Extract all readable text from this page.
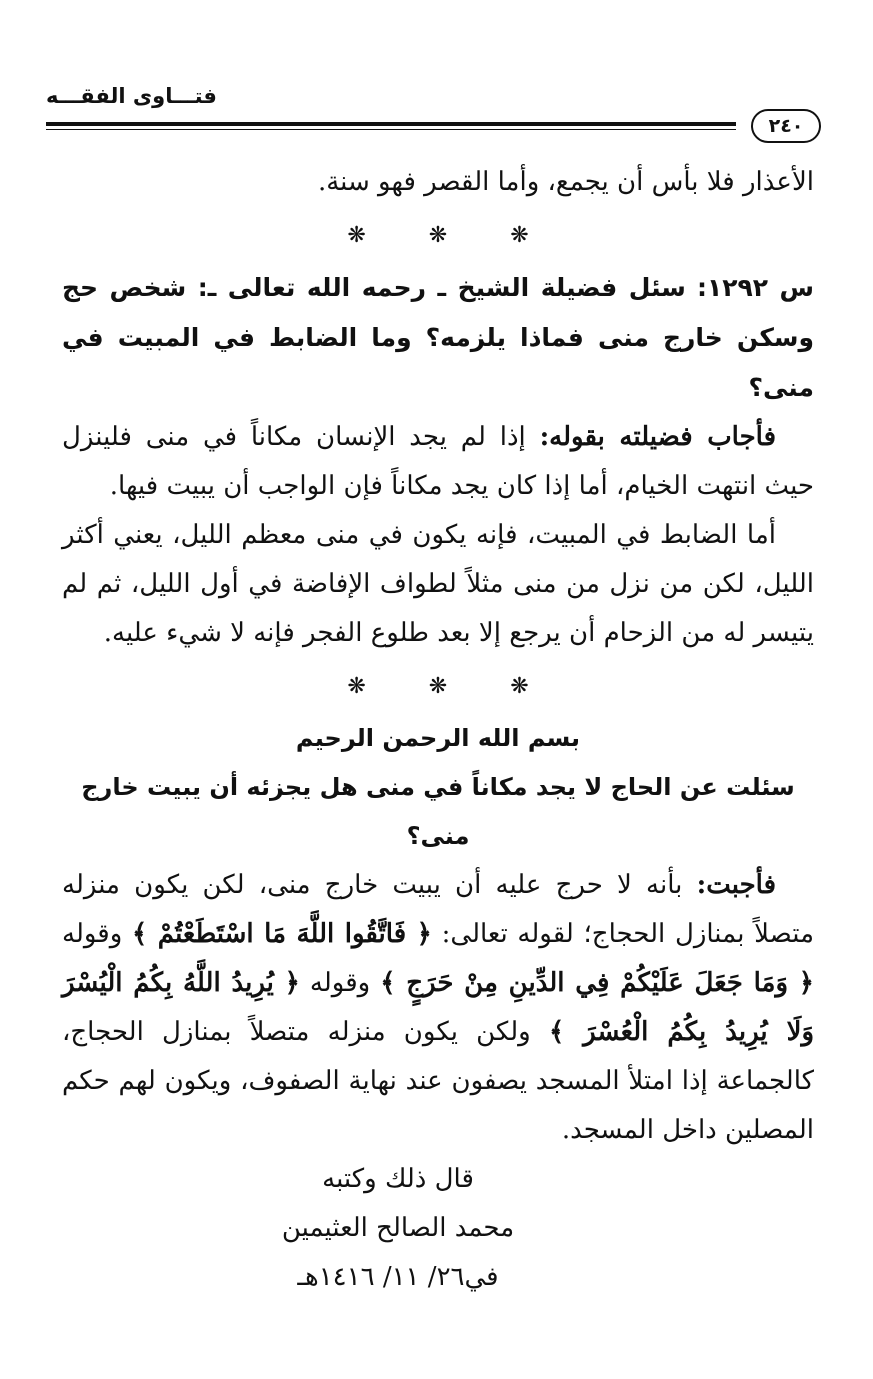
فتـــاوى الفقـــه
٢٤٠

الأعذار فلا بأس أن يجمع، وأما القصر فهو سنة.

❋ ❋ ❋

س ١٢٩٢: سئل فضيلة الشيخ ـ رحمه الله تعالى ـ: شخص حج وسكن خارج منى فماذا يلزمه؟ وما الضابط في المبيت في منى؟

فأجاب فضيلته بقوله: إذا لم يجد الإنسان مكاناً في منى فلينزل حيث انتهت الخيام، أما إذا كان يجد مكاناً فإن الواجب أن يبيت فيها.

أما الضابط في المبيت، فإنه يكون في منى معظم الليل، يعني أكثر الليل، لكن من نزل من منى مثلاً لطواف الإفاضة في أول الليل، ثم لم يتيسر له من الزحام أن يرجع إلا بعد طلوع الفجر فإنه لا شيء عليه.

❋ ❋ ❋

بسم الله الرحمن الرحيم

سئلت عن الحاج لا يجد مكاناً في منى هل يجزئه أن يبيت خارج منى؟

فأجبت: بأنه لا حرج عليه أن يبيت خارج منى، لكن يكون منزله متصلاً بمنازل الحجاج؛ لقوله تعالى: ﴿ فَاتَّقُوا اللَّهَ مَا اسْتَطَعْتُمْ ﴾ وقوله ﴿ وَمَا جَعَلَ عَلَيْكُمْ فِي الدِّينِ مِنْ حَرَجٍ ﴾ وقوله ﴿ يُرِيدُ اللَّهُ بِكُمُ الْيُسْرَ وَلَا يُرِيدُ بِكُمُ الْعُسْرَ ﴾ ولكن يكون منزله متصلاً بمنازل الحجاج، كالجماعة إذا امتلأ المسجد يصفون عند نهاية الصفوف، ويكون لهم حكم المصلين داخل المسجد.

قال ذلك وكتبه

محمد الصالح العثيمين

في٢٦/ ١١/ ١٤١٦هـ
